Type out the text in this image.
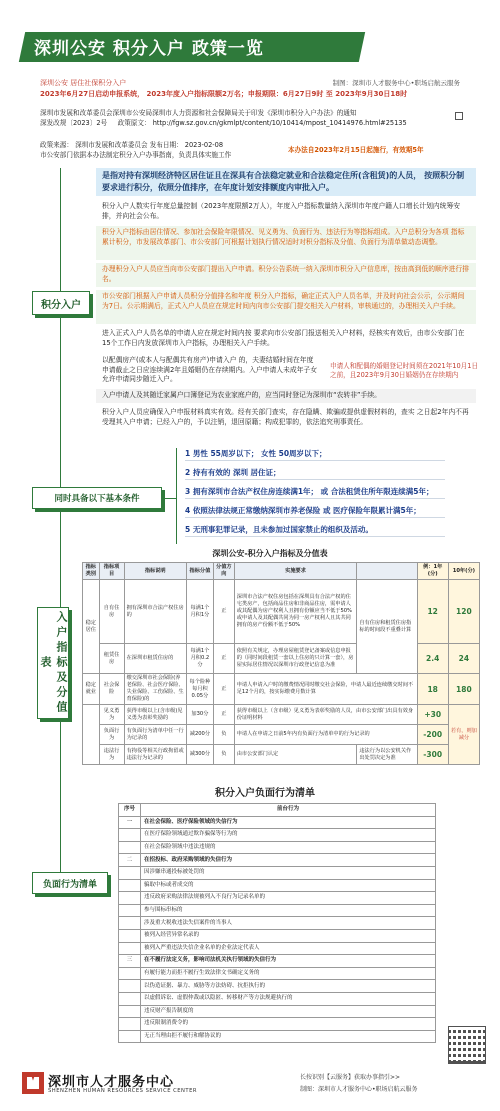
深圳公安 积分入户 政策一览
制图：深圳市人才服务中心•职场启航云服务
深圳公安 居住社保积分入户
2023年6月27日启动申报系统， 2023年度入户指标限额2万名；申报期限：6月27日9时 至 2023年9月30日18时
深圳市发展和改革委员会深圳市公安局深圳市人力资源和社会保障局关于印发《深圳市积分入户办法》的通知
深发改规〔2023〕2号 政策原文： http://fgw.sz.gov.cn/gkmlpt/content/10/10414/mpost_10414976.html#25135
政策来源： 深圳市发展和改革委员会 发布日期： 2023-02-08
市公安部门依据本办法制定积分入户办事指南，负责具体实施工作
本办法自2023年2月15日起施行，有效期5年
积分入户
是指对持有深圳经济特区居住证且在深具有合法稳定就业和合法稳定住所(含租赁)的人员， 按照积分制要求进行积分，依照分值排序，在年度计划安排额度内审批入户。
积分入户人数实行年度总量控制（2023年度限额2万人），年度入户指标数量纳入深圳市年度户籍人口增长计划内统筹安排，并向社会公布。
积分入户指标由居住情况、参加社会保险年限情况、见义勇为、负面行为、违法行为等指标组成。入户总积分为各项 指标累计积分，市发展改革部门、市公安部门可根据计划执行情况适时对积分指标及分值、负面行为清单做动态调整。
办理积分入户人员应当向市公安部门提出入户申请。积分公告系统一纳入深圳市积分入户信息库，按由高到低的顺序进行排名。
市公安部门根据入户申请人员积分分值排名和年度 积分入户指标，确定正式入户人员名单，并及时向社会公示，公示期间为7日。公示期满后，正式入户人员应在规定时间内向市公安部门提交相关入户材料，审核通过的，办理相关入户手续。
进入正式入户人员名单的申请人应在规定时间内按 要求向市公安部门报送相关入户材料，经核实有效后，由市公安部门在15个工作日内发放深圳市入户指标，办理相关入户手续。
以配偶房产(或本人与配偶共有房产)申请入户 的，夫妻结婚时间在年度申请截止之日应连续满2年且婚姻仍在存续期内。入户申请人未成年子女允许申请同步随迁入户。
申请人和配偶的婚姻登记时间须在2021年10月1日之前，且2023年9月30日婚姻仍在存续期内
入户申请人及其随迁家属户口簿登记为农业家庭户的，应当同时登记为深圳市“农转非”手续。
积分入户人员应确保入户申报材料真实有效。经有关部门查实，存在隐瞒、欺骗或提供虚假材料的，查实 之日起2年内不再受理其入户申请；已经入户的，予以注销，退回原籍；构成犯罪的，依法追究刑事责任。
同时具备以下基本条件
1 男性 55周岁以下； 女性 50周岁以下；
2 持有有效的 深圳 居住证；
3 拥有深圳市合法产权住房连续满1年； 或 合法租赁住所年限连续满5年；
4 依照法律法规正常缴纳深圳市养老保险 或 医疗保险年限累计满5年；
5 无刑事犯罪记录，且未参加过国家禁止的组织及活动。
入户指标及分值表
深圳公安-积分入户指标及分值表
指标类别	指标项目	指标说明	指标分值	分值方向	实施要求		例：1年(分)	10年(分)
稳定居住	自有住房	拥有深圳市合法产权住房的	每满1个月积1分	正	深圳市合法产权住房包括在深圳具有合法产权的住宅类房产，包括商品住房和非商品住房，需申请人或其配偶为房产权利人且拥有份额应当不低于50%或申请人及其配偶共同为同一房产权利人且其共同拥有的房产份额不低于50%	自有住房和租赁住房指标的时间段不重叠计算	12	120
	租赁住房	在深圳市租赁住房的	每满1个月积0.2分	正	依照有关规定，办理房屋租赁登记备案或信息申报的（同时间段租赁一套以上住房的只计算一套），房屋实际居住情况以深圳市行政登记信息为准		2.4	24
稳定就业	社会保险	缴交深圳市社会保险(养老保险、社会医疗保险、失业保险、工伤保险、生育保险)的	每个险种每月积0.05分	正	申请人申请入户时的缴费情况同时缴交社会保险，申请人最近连续缴交时间不足12个月的，按实际缴费月数计算		18	180
	见义勇为	获得市级以上(含市级)见义勇为表彰奖励的	加30分	正	获得市级以上（含市级）见义勇为表彰奖励的人员，由市公安部门出具有效身份证明材料		+30	若有，则加减分
	负面行为	有负面行为清单中任一行为记录的	减200分	负	申请人在申请之日前5年内有负面行为清单中的行为记录的		-200	
	违法行为	有拘役等相关行政拘留或违法行为记录的	减300分	负	由市公安部门认定	违法行为以公安机关作出处罚决定为准	-300	
负面行为清单
积分入户负面行为清单
序号	前台行为
一	在社会保险、医疗保险领域的失信行为
	在医疗保险领域通过欺诈骗保等行为的
	在社会保险领域中违法违规的
二	在招投标、政府采购领域的失信行为
	因涉嫌串通投标被处罚的
	骗取中标或者成交的
	违反政府采购法律法规被列入不良行为记录名单的
	参与围标串标的
	涉及重大税收违法失信案件的当事人
	被列入经营异常名录的
	被列入严重违法失信企业名单的企业法定代表人
三	在不履行法定义务，影响司法机关执行领域的失信行为
	有履行能力而拒不履行生效法律文书确定义务的
	以伪造证据、暴力、威胁等方法妨碍、抗拒执行的
	以虚假诉讼、虚假仲裁或以隐匿、转移财产等方法规避执行的
	违反财产报告制度的
	违反限制消费令的
	无正当理由拒不履行和解协议的
长按识别【云服务】获取办事指引>>
制图：深圳市人才服务中心•职场启航云服务
深圳市人才服务中心
SHENZHEN HUMAN RESOURCES SERVICE CENTER
